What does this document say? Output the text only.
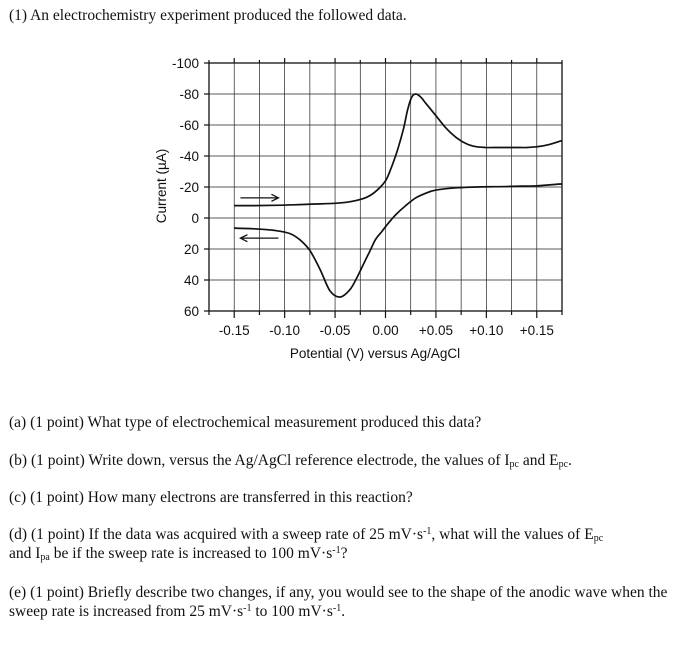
-100
-80
-60
-40
-20
0
20
40
60
-0.15 -0.10 -0.05 0.00 +0.05 +0.10 +0.15
Potential (V) versus Ag/AgCl
Current (µA)

(1) An electrochemistry experiment produced the followed data.

(a) (1 point) What type of electrochemical measurement produced this data?

(b) (1 point) Write down, versus the Ag/AgCl reference electrode, the values of $I_{pc}$ and $E_{pc}$.

(c) (1 point) How many electrons are transferred in this reaction?

(d) (1 point) If the data was acquired with a sweep rate of 25 $mV\cdot s^{-1}$, what will the values of $E_{pc}$
and $I_{pa}$ be if the sweep rate is increased to 100 $mV\cdot s^{-1}$?

(e) (1 point) Briefly describe two changes, if any, you would see to the shape of the anodic wave when the sweep rate is increased from 25 $mV\cdot s^{-1}$ to 100 $mV\cdot s^{-1}$.
